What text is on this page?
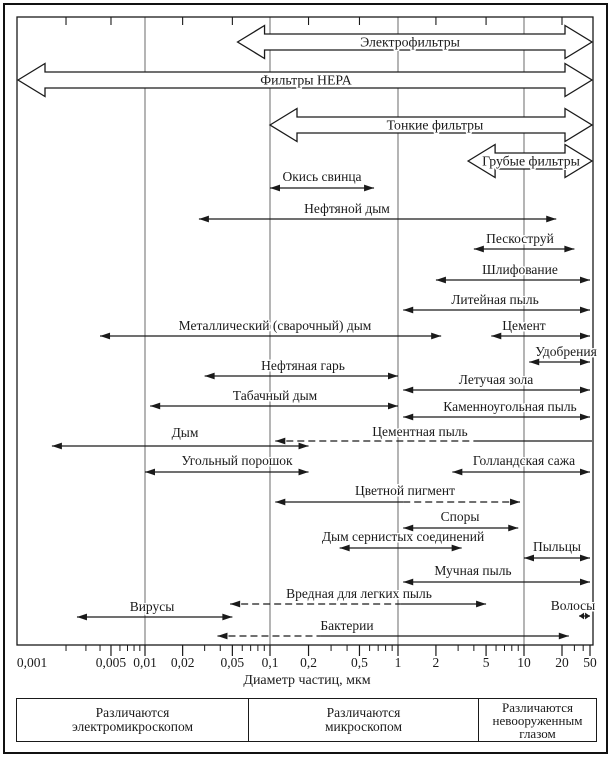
0,001	0,005 0,01 0,02 0,05 0,1 0,2	0,5 1 2	5 10 20 50
Диаметр частиц, мкм
Электрофильтры
Фильтры HEPA
Тонкие фильтры
Грубые фильтры
Окись свинца
Нефтяной дым
Пескоструй
Шлифование
Литейная пыль
Металлический (сварочный) дым	Цемент
Удобрения
Нефтяная гарь
Летучая зола
Табачный дым
Каменноугольная пыль
Цементная пыль
Дым
Угольный порошок	Голландская сажа
Цветной пигмент
Споры
Дым сернистых соединений
Пыльцы
Мучная пыль
Вредная для легких пыль
Вирусы	Волосы
Бактерии
Различаются
электромикроскопом
Различаются
микроскопом
Различаются
невооруженным
глазом
